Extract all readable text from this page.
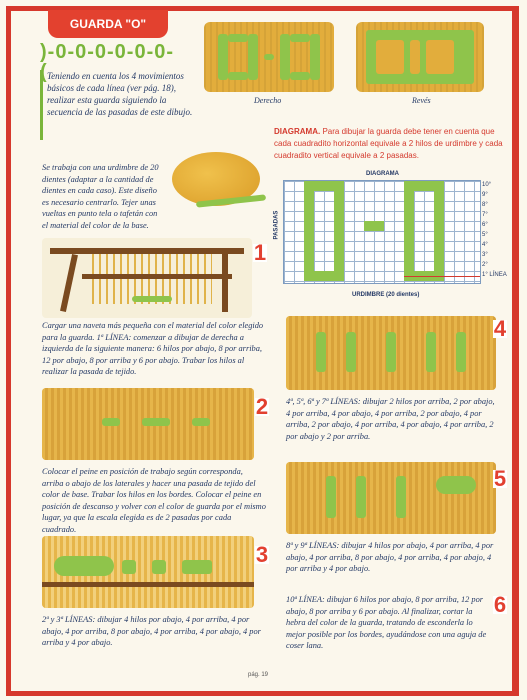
GUARDA "O"
)-0-0-0-0-0-0-( Teniendo en cuenta los 4 movimientos básicos de cada línea (ver pág. 18), realizar esta guarda siguiendo la secuencia de las pasadas de este dibujo.
Derecho	Revés
DIAGRAMA. Para dibujar la guarda debe tener en cuenta que cada cuadradito horizontal equivale a 2 hilos de urdimbre y cada cuadradito vertical equivale a 2 pasadas.
DIAGRAMA
PASADAS
10°
9°
8°
7°
6°
5°
4°
3°
2°
1° LÍNEA
URDIMBRE (20 dientes)
Se trabaja con una urdimbre de 20 dientes (adaptar a la cantidad de dientes en cada caso). Este diseño es necesario centrarlo. Tejer unas vueltas en punto tela o tafetán con el material del color de la base.
1
Cargar una naveta más pequeña con el material del color elegido para la guarda. 1ª LÍNEA: comenzar a dibujar de derecha a izquierda de la siguiente manera: 6 hilos por abajo, 8 por arriba, 12 por abajo, 8 por arriba y 6 por abajo. Trabar los hilos al realizar la pasada de tejido.
2
Colocar el peine en posición de trabajo según corresponda, arriba o abajo de los laterales y hacer una pasada de tejido del color de base. Trabar los hilos en los bordes. Colocar el peine en posición de descanso y volver con el color de guarda por el mismo lugar, ya que la escala elegida es de 2 pasadas por cada cuadrado.
3
2ª y 3ª LÍNEAS: dibujar 4 hilos por abajo, 4 por arriba, 4 por abajo, 4 por arriba, 8 por abajo, 4 por arriba, 4 por abajo, 4 por arriba y 4 por abajo.
4
4ª, 5ª, 6ª y 7ª LÍNEAS: dibujar 2 hilos por arriba, 2 por abajo, 4 por arriba, 4 por abajo, 4 por arriba, 2 por abajo, 4 por arriba, 2 por abajo, 4 por arriba, 4 por abajo, 4 por arriba, 2 por abajo y 2 por arriba.
5
8ª y 9ª LÍNEAS: dibujar 4 hilos por abajo, 4 por arriba, 4 por abajo, 4 por arriba, 8 por abajo, 4 por arriba, 4 por abajo, 4 por arriba y 4 por abajo.
6
10ª LÍNEA: dibujar 6 hilos por abajo, 8 por arriba, 12 por abajo, 8 por arriba y 6 por abajo. Al finalizar, cortar la hebra del color de la guarda, tratando de esconderla lo mejor posible por los bordes, ayudándose con una aguja de coser lana.
pág. 19
